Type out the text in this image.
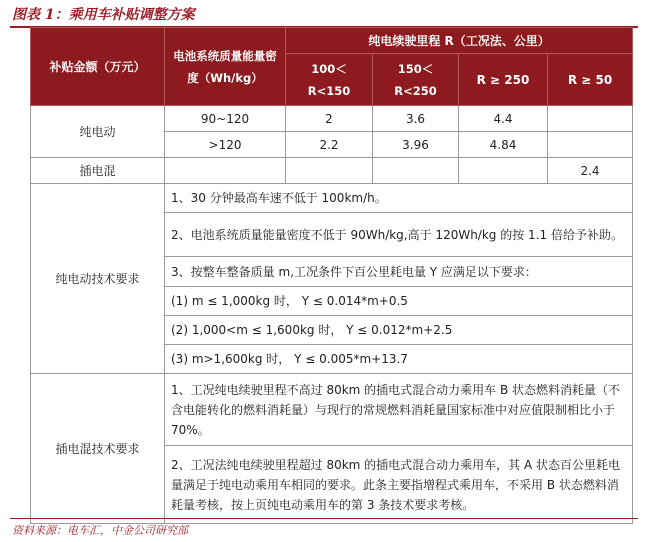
图表 1：乘用车补贴调整方案
补贴金额（万元）	电池系统质量能量密度（Wh/kg）	纯电续驶里程 R（工况法、公里）			
		100＜ R<150	150＜ R<250	R ≥ 250	R ≥ 50
纯电动	90~120	2	3.6	4.4	
	>120	2.2	3.96	4.84	
插电混					2.4
纯电动技术要求	1、30 分钟最高车速不低于 100km/h。				
	2、电池系统质量能量密度不低于 90Wh/kg,高于 120Wh/kg 的按 1.1 倍给予补助。				
	3、按整车整备质量 m,工况条件下百公里耗电量 Y 应满足以下要求：				
	(1) m ≤ 1,000kg 时， Y ≤ 0.014*m+0.5				
	(2) 1,000<m ≤ 1,600kg 时， Y ≤ 0.012*m+2.5				
	(3) m>1,600kg 时， Y ≤ 0.005*m+13.7				
插电混技术要求	1、工况纯电续驶里程不高过 80km 的插电式混合动力乘用车 B 状态燃料消耗量（不含电能转化的燃料消耗量）与现行的常规燃料消耗量国家标准中对应值限制相比小于 70%。				
	2、工况法纯电续驶里程超过 80km 的插电式混合动力乘用车，其 A 状态百公里耗电量满足于纯电动乘用车相同的要求。此条主要指增程式乘用车，不采用 B 状态燃料消耗量考核，按上页纯电动乘用车的第 3 条技术要求考核。				
资料来源：电车汇，中金公司研究部
